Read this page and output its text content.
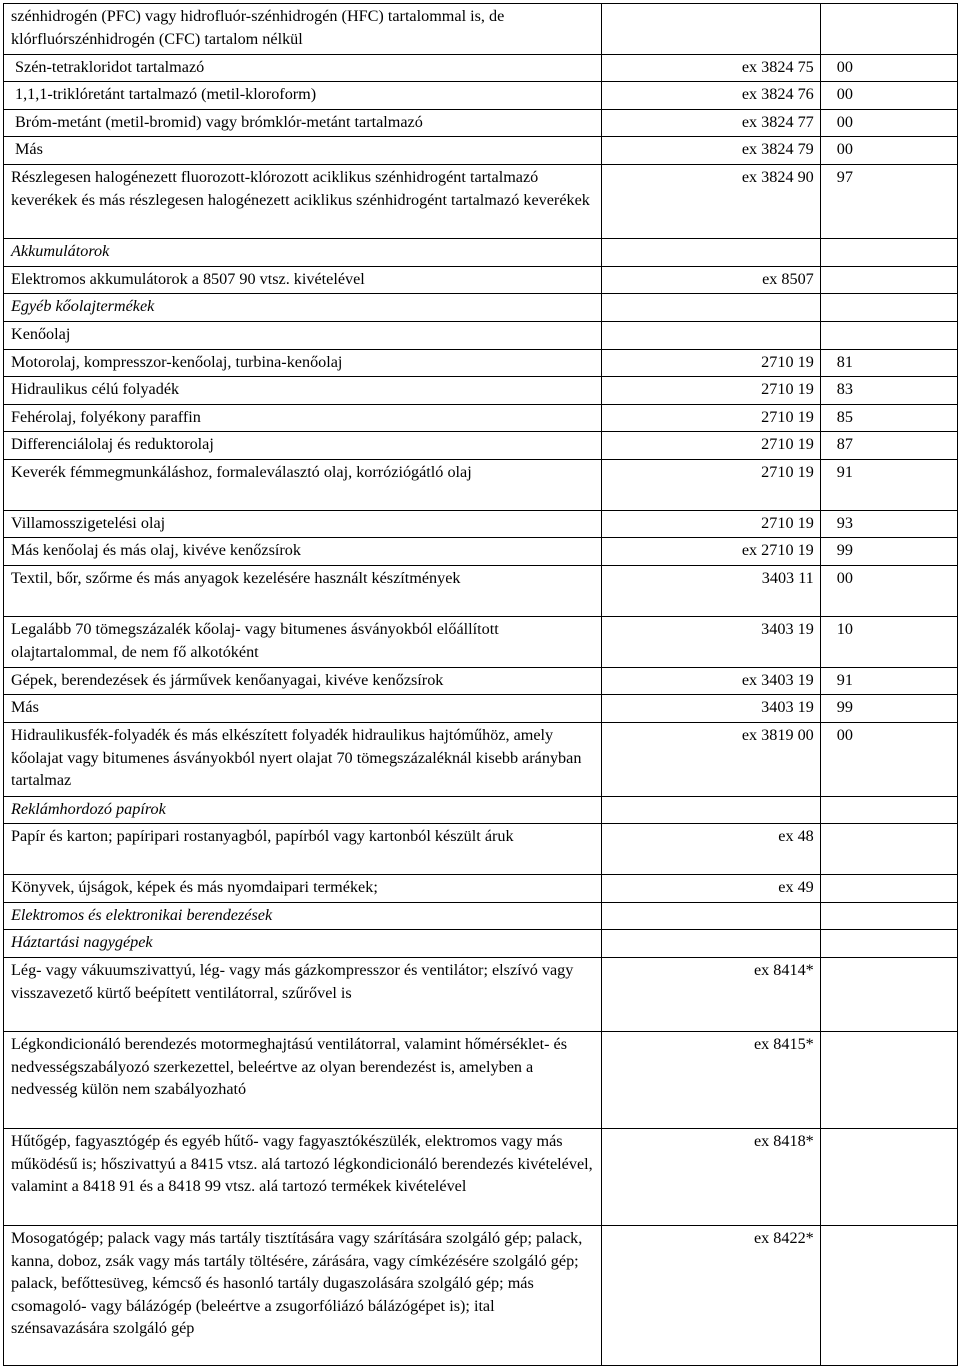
szénhidrogén (PFC) vagy hidrofluór-szénhidrogén (HFC) tartalommal is, de klórfluórszénhidrogén (CFC) tartalom nélkül		
Szén-tetrakloridot tartalmazó	ex 3824 75	00
1,1,1-triklóretánt tartalmazó (metil-kloroform)	ex 3824 76	00
Bróm-metánt (metil-bromid) vagy brómklór-metánt tartalmazó	ex 3824 77	00
Más	ex 3824 79	00
Részlegesen halogénezett fluorozott-klórozott aciklikus szénhidrogént tartalmazó keverékek és más részlegesen halogénezett aciklikus szénhidrogént tartalmazó keverékek	ex 3824 90	97
Akkumulátorok		
Elektromos akkumulátorok a 8507 90 vtsz. kivételével	ex 8507	
Egyéb kőolajtermékek		
Kenőolaj		
Motorolaj, kompresszor-kenőolaj, turbina-kenőolaj	2710 19	81
Hidraulikus célú folyadék	2710 19	83
Fehérolaj, folyékony paraffin	2710 19	85
Differenciálolaj és reduktorolaj	2710 19	87
Keverék fémmegmunkáláshoz, formaleválasztó olaj, korróziógátló olaj	2710 19	91
Villamosszigetelési olaj	2710 19	93
Más kenőolaj és más olaj, kivéve kenőzsírok	ex 2710 19	99
Textil, bőr, szőrme és más anyagok kezelésére használt készítmények	3403 11	00
Legalább 70 tömegszázalék kőolaj- vagy bitumenes ásványokból előállított olajtartalommal, de nem fő alkotóként	3403 19	10
Gépek, berendezések és járművek kenőanyagai, kivéve kenőzsírok	ex 3403 19	91
Más	3403 19	99
Hidraulikusfék-folyadék és más elkészített folyadék hidraulikus hajtóműhöz, amely kőolajat vagy bitumenes ásványokból nyert olajat 70 tömegszázaléknál kisebb arányban tartalmaz	ex 3819 00	00
Reklámhordozó papírok		
Papír és karton; papíripari rostanyagból, papírból vagy kartonból készült áruk	ex 48	
Könyvek, újságok, képek és más nyomdaipari termékek;	ex 49	
Elektromos és elektronikai berendezések		
Háztartási nagygépek		
Lég- vagy vákuumszivattyú, lég- vagy más gázkompresszor és ventilátor; elszívó vagy visszavezető kürtő beépített ventilátorral, szűrővel is	ex 8414*	
Légkondicionáló berendezés motormeghajtású ventilátorral, valamint hőmérséklet- és nedvességszabályozó szerkezettel, beleértve az olyan berendezést is, amelyben a nedvesség külön nem szabályozható	ex 8415*	
Hűtőgép, fagyasztógép és egyéb hűtő- vagy fagyasztókészülék, elektromos vagy más működésű is; hőszivattyú a 8415 vtsz. alá tartozó légkondicionáló berendezés kivételével, valamint a 8418 91 és a 8418 99 vtsz. alá tartozó termékek kivételével	ex 8418*	
Mosogatógép; palack vagy más tartály tisztítására vagy szárítására szolgáló gép; palack, kanna, doboz, zsák vagy más tartály töltésére, zárására, vagy címkézésére szolgáló gép; palack, befőttesüveg, kémcső és hasonló tartály dugaszolására szolgáló gép; más csomagoló- vagy bálázógép (beleértve a zsugorfóliázó bálázógépet is); ital szénsavazására szolgáló gép	ex 8422*	
